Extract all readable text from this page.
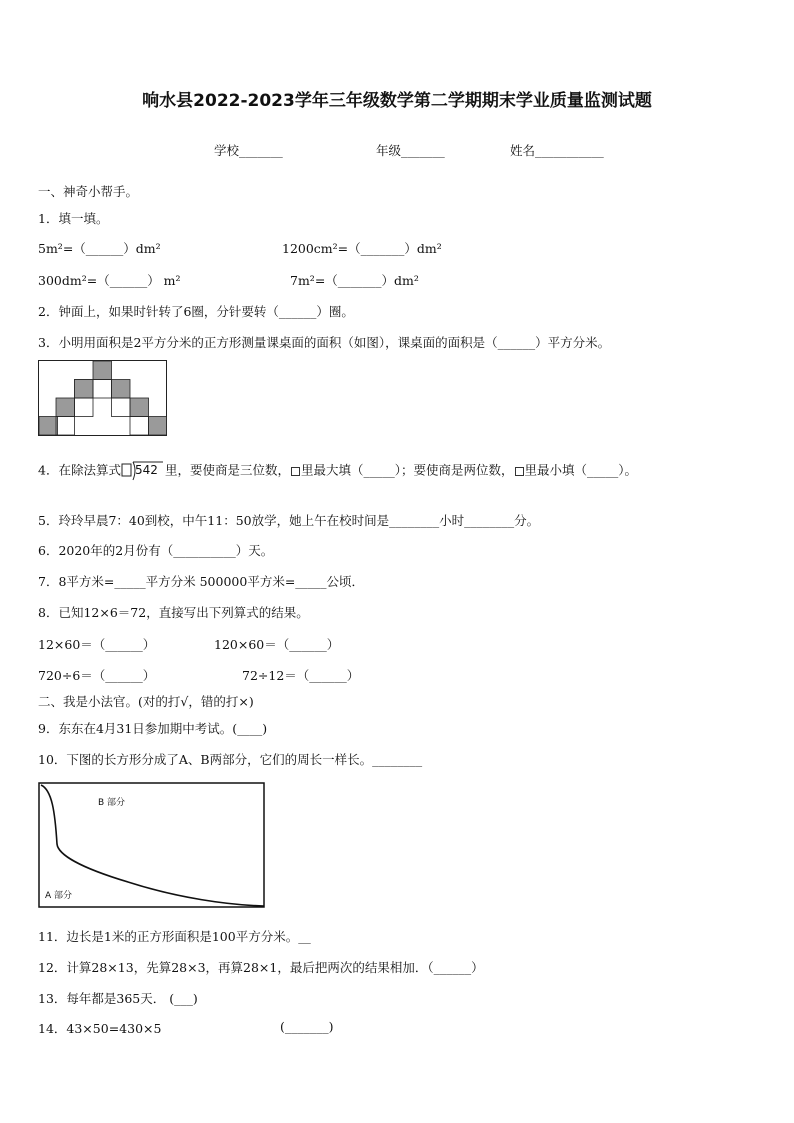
响水县2022-2023学年三年级数学第二学期期末学业质量监测试题
学校_______	年级_______	姓名___________
一、神奇小帮手。
1．填一填。
5m²=（______）dm²	1200cm²=（_______）dm²
300dm²=（______） m²	7m²=（_______）dm²
2．钟面上，如果时针转了6圈，分针要转（______）圈。
3．小明用面积是2平方分米的正方形测量课桌面的面积（如图），课桌面的面积是（______）平方分米。
4．在除法算式 542 里，要使商是三位数， 里最大填（_____）；要使商是两位数， 里最小填（_____）。
5．玲玲早晨7：40到校，中午11：50放学，她上午在校时间是________小时________分。
6．2020年的2月份有（__________）天。
7．8平方米=_____平方分米 500000平方米=_____公顷．
8．已知12×6＝72，直接写出下列算式的结果。
12×60＝（______）	120×60＝（______）
720÷6＝（______）	72÷12＝（______）
二、我是小法官。(对的打√，错的打×)
9．东东在4月31日参加期中考试。(____)
10．下图的长方形分成了A、B两部分，它们的周长一样长。________
B 部分
A 部分
11．边长是1米的正方形面积是100平方分米。__
12．计算28×13，先算28×3，再算28×1，最后把两次的结果相加．（______）
13．每年都是365天． (___)
14．43×50=430×5	(_______)
